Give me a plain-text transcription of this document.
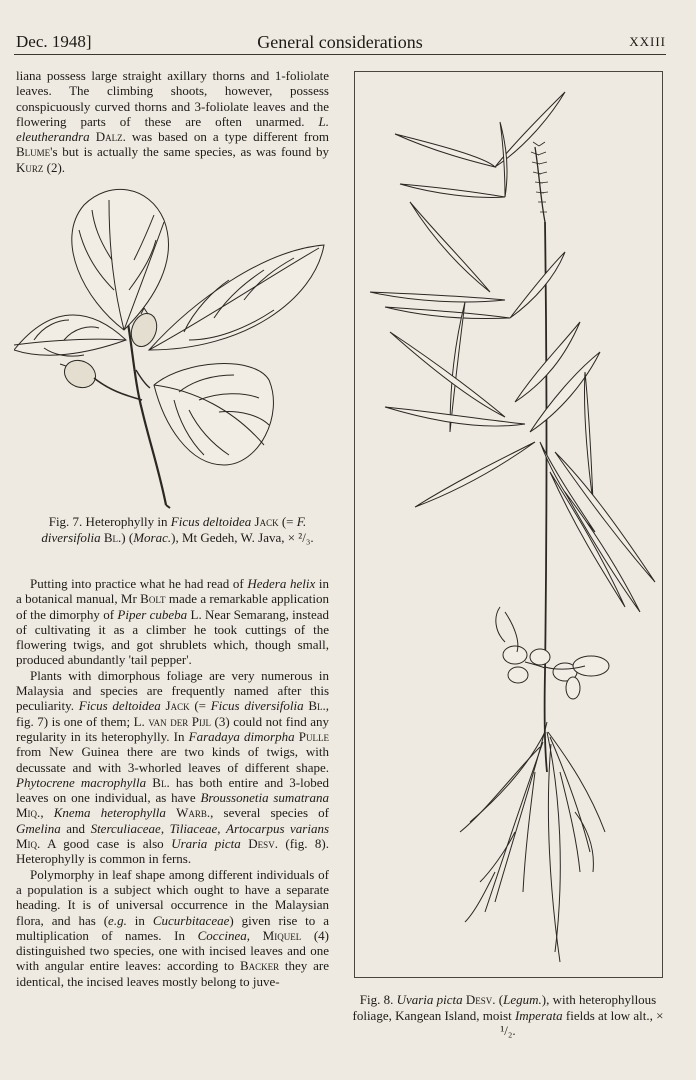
Dec. 1948]	General considerations	XXIII

liana possess large straight axillary thorns and 1-foliolate leaves. The climbing shoots, however, possess conspicuously curved thorns and 3-foliolate leaves and the flowering parts of these are often unarmed. L. eleutherandra Dalz. was based on a type different from Blume's but is actually the same species, as was found by Kurz (2).

Fig. 7. Heterophylly in Ficus deltoidea Jack (= F. diversifolia Bl.) (Morac.), Mt Gedeh, W. Java, × ²/₃.

Putting into practice what he had read of Hedera helix in a botanical manual, Mr Bolt made a remarkable application of the dimorphy of Piper cubeba L. Near Semarang, instead of cultivating it as a climber he took cuttings of the flowering twigs, and got shrublets which, though small, produced abundantly 'tail pepper'.

Plants with dimorphous foliage are very numerous in Malaysia and species are frequently named after this peculiarity. Ficus deltoidea Jack (= Ficus diversifolia Bl., fig. 7) is one of them; L. van der Pijl (3) could not find any regularity in its heterophylly. In Faradaya dimorpha Pulle from New Guinea there are two kinds of twigs, with decussate and with 3-whorled leaves of different shape. Phytocrene macrophylla Bl. has both entire and 3-lobed leaves on one individual, as have Broussonetia sumatrana Miq., Knema heterophylla Warb., several species of Gmelina and Sterculiaceae, Tiliaceae, Artocarpus varians Miq. A good case is also Uraria picta Desv. (fig. 8). Heterophylly is common in ferns.

Polymorphy in leaf shape among different individuals of a population is a subject which ought to have a separate heading. It is of universal occurrence in the Malaysian flora, and has (e.g. in Cucurbitaceae) given rise to a multiplication of names. In Coccinea, Miquel (4) distinguished two species, one with incised leaves and one with angular entire leaves: according to Backer they are identical, the incised leaves mostly belong to juve-

Fig. 8. Uvaria picta Desv. (Legum.), with heterophyllous foliage, Kangean Island, moist Imperata fields at low alt., × ¹/₂.
